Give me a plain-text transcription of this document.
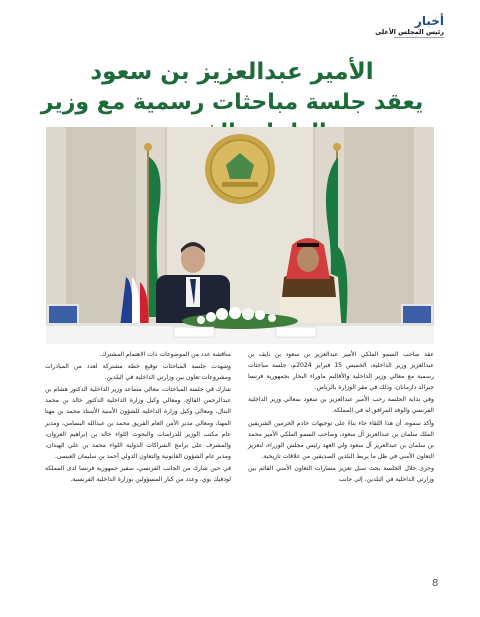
أخبار
رئيس المجلس الأعلى
الأمير عبدالعزيز بن سعود
يعقد جلسة مباحثات رسمية مع وزير

عقد صاحب السمو الملكي الأمير عبدالعزيز بن سعود بن نايف بن عبدالعزيز وزير الداخلية، الخميس 15 فبراير 2024م، جلسة مباحثات رسمية مع معالي وزير الداخلية والأقاليم ماوراء البحار بجمهورية فرنسا جيرالد دارمانان، وذلك في مقر الوزارة بالرياض.

وفي بداية الجلسة رحب الأمير عبدالعزيز بن سعود بمعالي وزير الداخلية الفرنسي والوفد المرافق له في المملكة.

وأكد سموه، أن هذا اللقاء جاء بناءً على توجيهات خادم الحرمين الشريفين الملك سلمان بن عبدالعزيز آل سعود، وصاحب السمو الملكي الأمير محمد بن سلمان بن عبدالعزيز آل سعود ولي العهد رئيس مجلس الوزراء، لتعزيز التعاون الأمني في ظل ما يربط البلدين الصديقين من علاقات تاريخية.

وجرى خلال الجلسة بحث سبل تعزيز مسارات التعاون الأمني القائم بين وزارتي الداخلية في البلدين، إلى جانب

مناقشة عدد من الموضوعات ذات الاهتمام المشترك.

وشهدت جلسة المباحثات توقيع خطة مشتركة لعدد من المبادرات ومشروعات تعاون بين وزارتي الداخلية في البلدين.

شارك في جلسة المباحثات، معالي مساعد وزير الداخلية الدكتور هشام بن عبدالرحمن الفالح، ومعالي وكيل وزارة الداخلية الدكتور خالد بن محمد البتال، ومعالي وكيل وزارة الداخلية للشؤون الأمنية الأستاذ محمد بن مهنا المهنا، ومعالي مدير الأمن العام الفريق محمد بن عبدالله البسامي، ومدير عام مكتب الوزير للدراسات والبحوث اللواء خالد بن إبراهيم العروان، والمشرف على برامج الشراكات الدولية اللواء محمد بن علي الهبدان، ومدير عام الشؤون القانونية والتعاون الدولي أحمد بن سليمان العيسى.

في حين شارك من الجانب الفرنسي، سفير جمهورية فرنسا لدى المملكة لودفيك بوي، وعدد من كبار المسؤولين بوزارة الداخلية الفرنسية.

8
